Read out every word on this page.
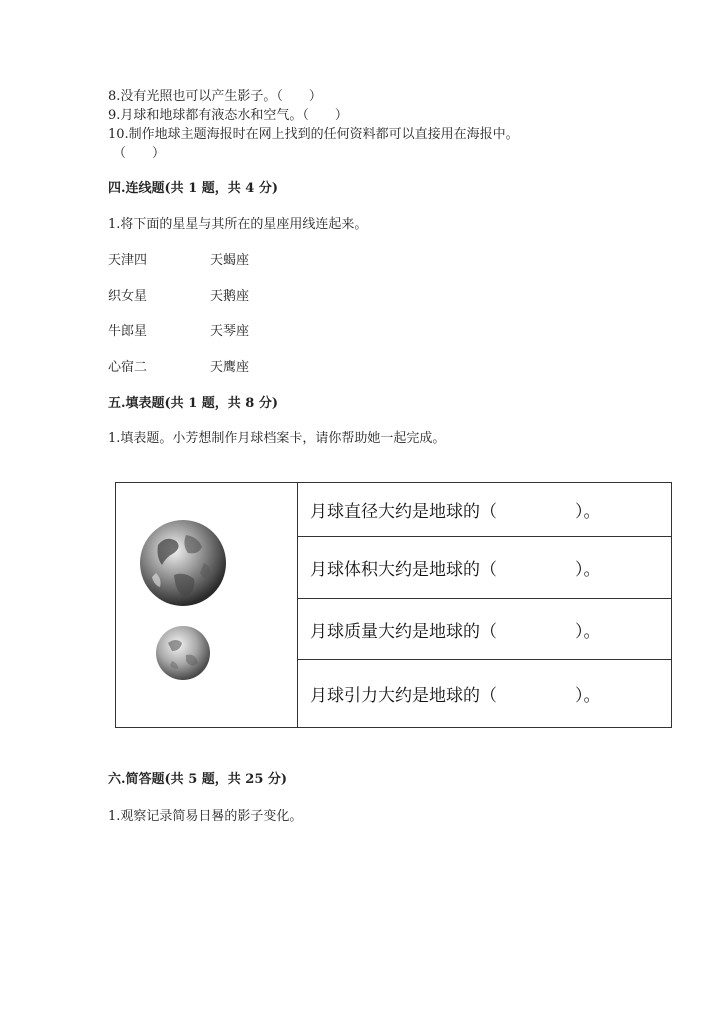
8.没有光照也可以产生影子。（　　）
9.月球和地球都有液态水和空气。（　　）
10.制作地球主题海报时在网上找到的任何资料都可以直接用在海报中。
（　　）
四.连线题(共 1 题，共 4 分)
1.将下面的星星与其所在的星座用线连起来。
天津四	天蝎座
织女星	天鹅座
牛郎星	天琴座
心宿二	天鹰座
五.填表题(共 1 题，共 8 分)
1.填表题。小芳想制作月球档案卡，请你帮助她一起完成。
月球直径大约是地球的（	）。
月球体积大约是地球的（	）。
月球质量大约是地球的（	）。
月球引力大约是地球的（	）。
六.简答题(共 5 题，共 25 分)
1.观察记录简易日晷的影子变化。
